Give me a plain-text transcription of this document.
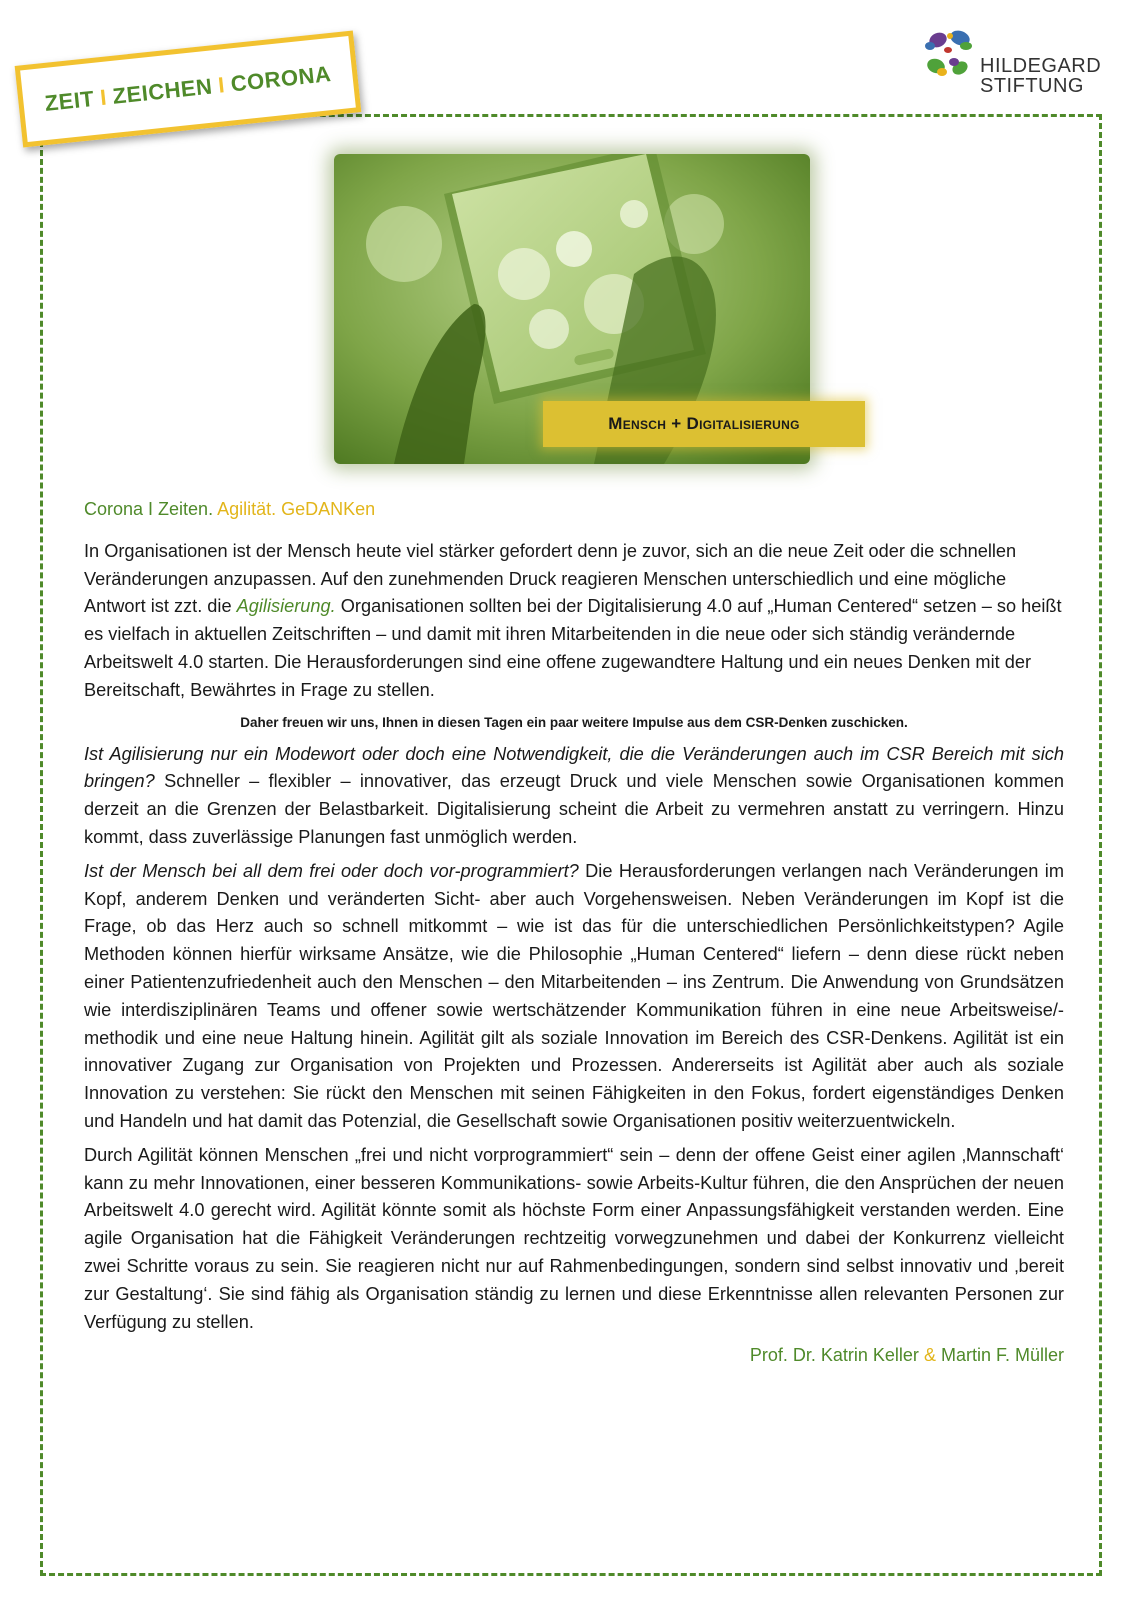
ZEIT I ZEICHEN I CORONA	HILDEGARD
STIFTUNG
Mensch + Digitalisierung
Corona I Zeiten. Agilität. GeDANKen

In Organisationen ist der Mensch heute viel stärker gefordert denn je zuvor, sich an die neue Zeit oder die schnellen Veränderungen anzupassen. Auf den zunehmenden Druck reagieren Menschen unterschiedlich und eine mögliche Antwort ist zzt. die Agilisierung. Organisationen sollten bei der Digitalisierung 4.0 auf „Human Centered“ setzen – so heißt es vielfach in aktuellen Zeitschriften – und damit mit ihren Mitarbeitenden in die neue oder sich ständig verändernde Arbeitswelt 4.0 starten. Die Herausforderungen sind eine offene zugewandtere Haltung und ein neues Denken mit der Bereitschaft, Bewährtes in Frage zu stellen.

Daher freuen wir uns, Ihnen in diesen Tagen ein paar weitere Impulse aus dem CSR-Denken zuschicken.

Ist Agilisierung nur ein Modewort oder doch eine Notwendigkeit, die die Veränderungen auch im CSR Bereich mit sich bringen? Schneller – flexibler – innovativer, das erzeugt Druck und viele Menschen sowie Organisationen kommen derzeit an die Grenzen der Belastbarkeit. Digitalisierung scheint die Arbeit zu vermehren anstatt zu verringern. Hinzu kommt, dass zuverlässige Planungen fast unmöglich werden.

Ist der Mensch bei all dem frei oder doch vor-programmiert? Die Herausforderungen verlangen nach Veränderungen im Kopf, anderem Denken und veränderten Sicht- aber auch Vorgehensweisen. Neben Veränderungen im Kopf ist die Frage, ob das Herz auch so schnell mitkommt – wie ist das für die unterschiedlichen Persönlichkeitstypen? Agile Methoden können hierfür wirksame Ansätze, wie die Philosophie „Human Centered“ liefern – denn diese rückt neben einer Patientenzufriedenheit auch den Menschen – den Mitarbeitenden – ins Zentrum. Die Anwendung von Grundsätzen wie interdisziplinären Teams und offener sowie wertschätzender Kommunikation führen in eine neue Arbeitsweise/-methodik und eine neue Haltung hinein. Agilität gilt als soziale Innovation im Bereich des CSR-Denkens. Agilität ist ein innovativer Zugang zur Organisation von Projekten und Prozessen. Andererseits ist Agilität aber auch als soziale Innovation zu verstehen: Sie rückt den Menschen mit seinen Fähigkeiten in den Fokus, fordert eigenständiges Denken und Handeln und hat damit das Potenzial, die Gesellschaft sowie Organisationen positiv weiterzuentwickeln.

Durch Agilität können Menschen „frei und nicht vorprogrammiert“ sein – denn der offene Geist einer agilen ‚Mannschaft‘ kann zu mehr Innovationen, einer besseren Kommunikations- sowie Arbeits-Kultur führen, die den Ansprüchen der neuen Arbeitswelt 4.0 gerecht wird. Agilität könnte somit als höchste Form einer Anpassungsfähigkeit verstanden werden. Eine agile Organisation hat die Fähigkeit Veränderungen rechtzeitig vorwegzunehmen und dabei der Konkurrenz vielleicht zwei Schritte voraus zu sein. Sie reagieren nicht nur auf Rahmenbedingungen, sondern sind selbst innovativ und ‚bereit zur Gestaltung‘. Sie sind fähig als Organisation ständig zu lernen und diese Erkenntnisse allen relevanten Personen zur Verfügung zu stellen.

Prof. Dr. Katrin Keller & Martin F. Müller
